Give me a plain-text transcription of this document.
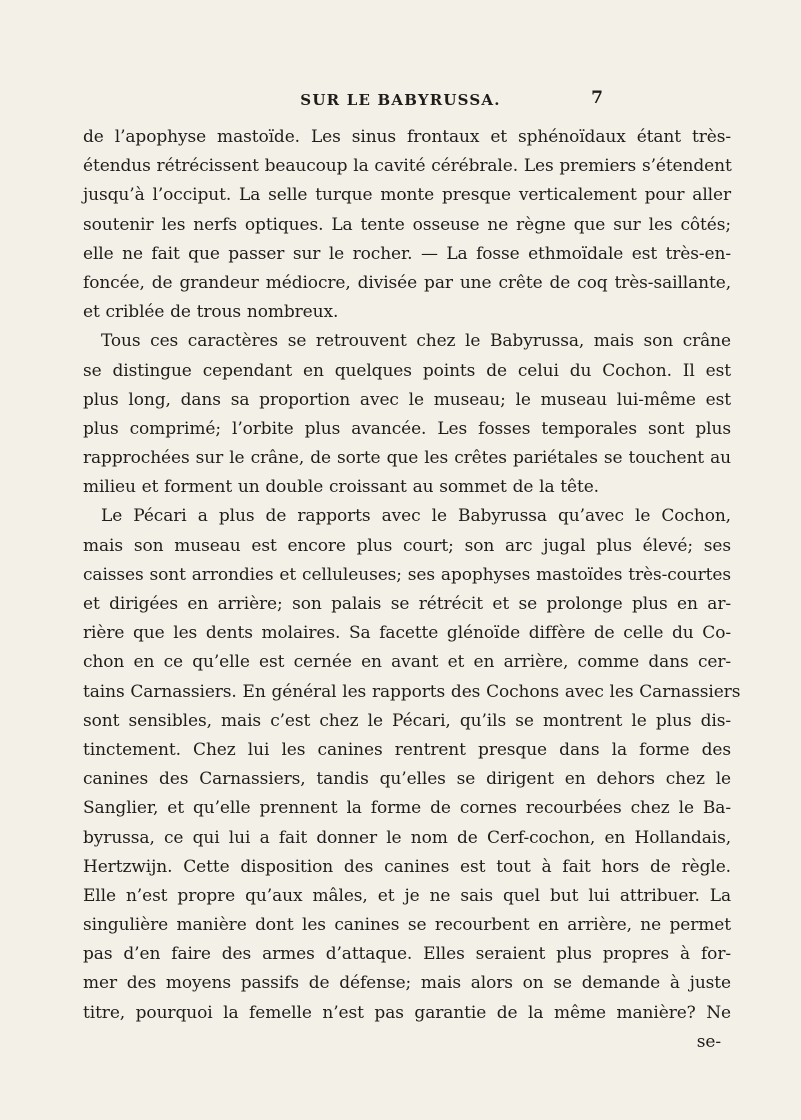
SUR LE BABYRUSSA.	7
de l’apophyse mastoïde. Les sinus frontaux et sphénoïdaux étant très-
étendus rétrécissent beaucoup la cavité cérébrale. Les premiers s’étendent
jusqu’à l’occiput. La selle turque monte presque verticalement pour aller
soutenir les nerfs optiques. La tente osseuse ne règne que sur les côtés;
elle ne fait que passer sur le rocher. — La fosse ethmoïdale est très-en-
foncée, de grandeur médiocre, divisée par une crête de coq très-saillante,
et criblée de trous nombreux.
Tous ces caractères se retrouvent chez le Babyrussa, mais son crâne
se distingue cependant en quelques points de celui du Cochon. Il est
plus long, dans sa proportion avec le museau; le museau lui-même est
plus comprimé; l’orbite plus avancée. Les fosses temporales sont plus
rapprochées sur le crâne, de sorte que les crêtes pariétales se touchent au
milieu et forment un double croissant au sommet de la tête.
Le Pécari a plus de rapports avec le Babyrussa qu’avec le Cochon,
mais son museau est encore plus court; son arc jugal plus élevé; ses
caisses sont arrondies et celluleuses; ses apophyses mastoïdes très-courtes
et dirigées en arrière; son palais se rétrécit et se prolonge plus en ar-
rière que les dents molaires. Sa facette glénoïde diffère de celle du Co-
chon en ce qu’elle est cernée en avant et en arrière, comme dans cer-
tains Carnassiers. En général les rapports des Cochons avec les Carnassiers
sont sensibles, mais c’est chez le Pécari, qu’ils se montrent le plus dis-
tinctement. Chez lui les canines rentrent presque dans la forme des
canines des Carnassiers, tandis qu’elles se dirigent en dehors chez le
Sanglier, et qu’elle prennent la forme de cornes recourbées chez le Ba-
byrussa, ce qui lui a fait donner le nom de Cerf-cochon, en Hollandais,
Hertzwijn. Cette disposition des canines est tout à fait hors de règle.
Elle n’est propre qu’aux mâles, et je ne sais quel but lui attribuer. La
singulière manière dont les canines se recourbent en arrière, ne permet
pas d’en faire des armes d’attaque. Elles seraient plus propres à for-
mer des moyens passifs de défense; mais alors on se demande à juste
titre, pourquoi la femelle n’est pas garantie de la même manière? Ne
se-
